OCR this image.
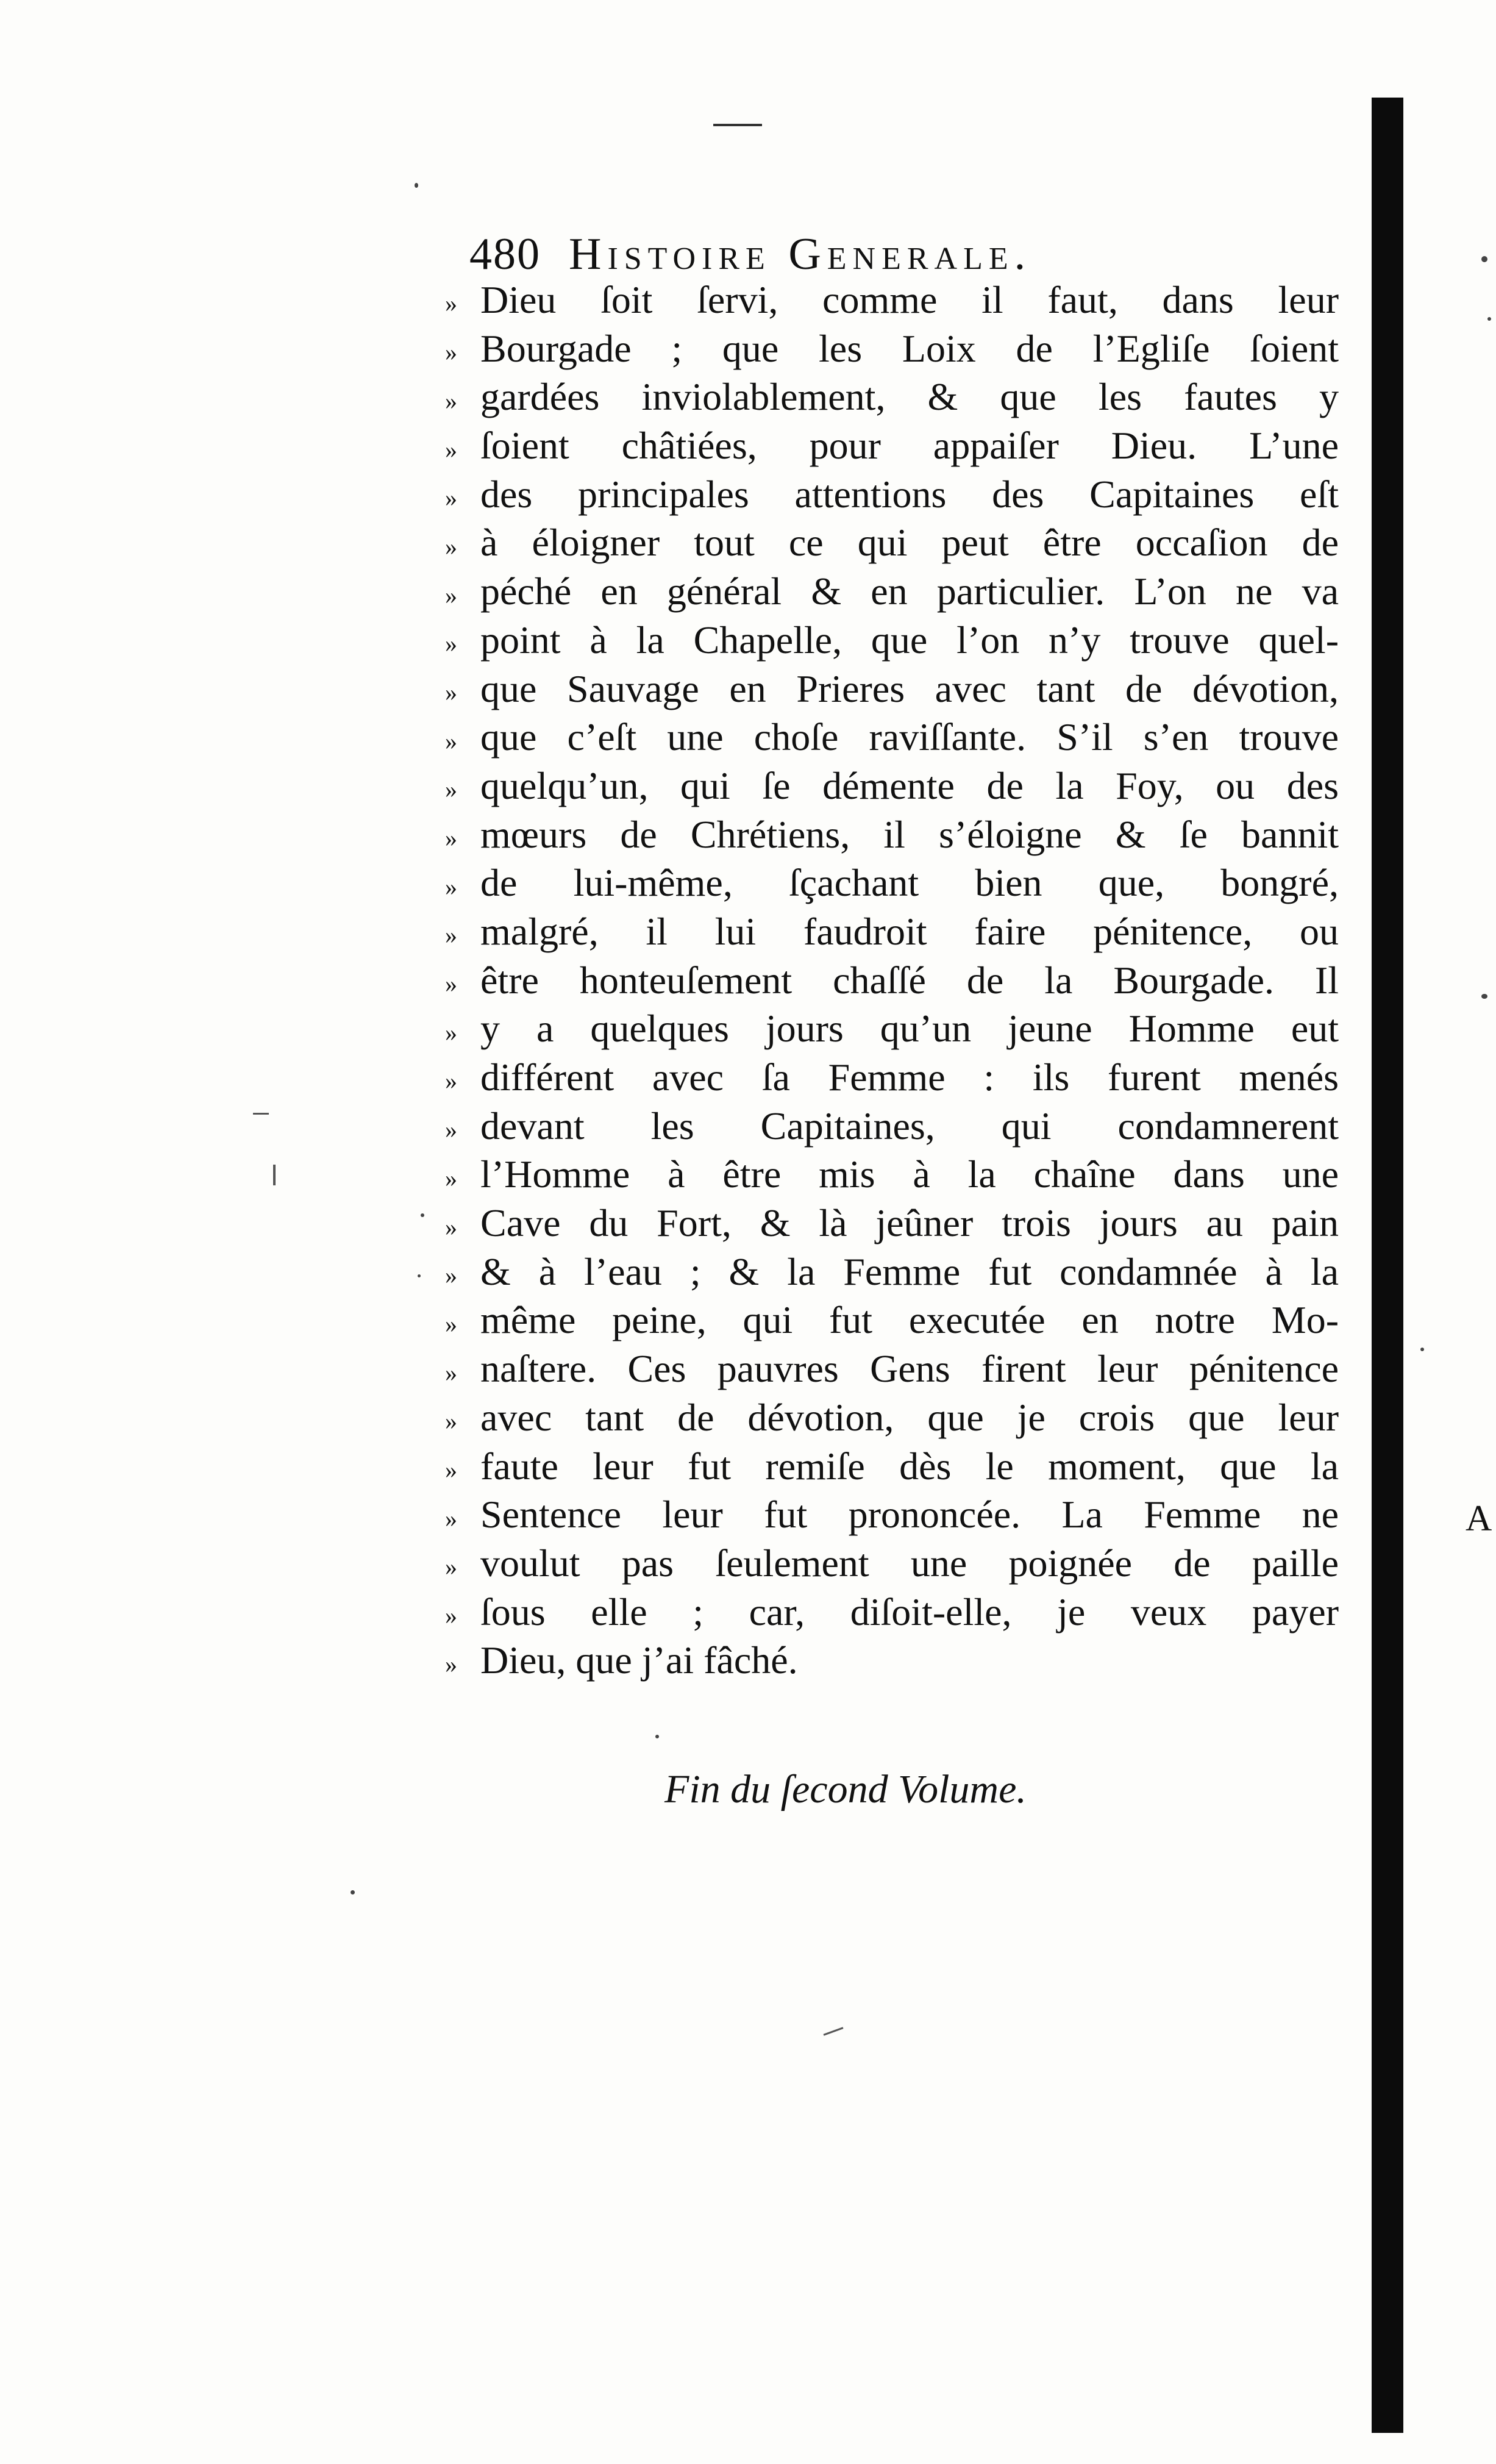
480 Histoire Generale.
» Dieu ſoit ſervi, comme il faut, dans leur
» Bourgade ; que les Loix de l’Egliſe ſoient
» gardées inviolablement, & que les fautes y
» ſoient châtiées, pour appaiſer Dieu. L’une
» des principales attentions des Capitaines eſt
» à éloigner tout ce qui peut être occaſion de
» péché en général & en particulier. L’on ne va
» point à la Chapelle, que l’on n’y trouve quel-
» que Sauvage en Prieres avec tant de dévotion,
» que c’eſt une choſe raviſſante. S’il s’en trouve
» quelqu’un, qui ſe démente de la Foy, ou des
» mœurs de Chrétiens, il s’éloigne & ſe bannit
» de lui-même, ſçachant bien que, bongré,
» malgré, il lui faudroit faire pénitence, ou
» être honteuſement chaſſé de la Bourgade. Il
» y a quelques jours qu’un jeune Homme eut
» différent avec ſa Femme : ils furent menés
» devant les Capitaines, qui condamnerent
» l’Homme à être mis à la chaîne dans une
» Cave du Fort, & là jeûner trois jours au pain
» & à l’eau ; & la Femme fut condamnée à la
» même peine, qui fut executée en notre Mo-
» naſtere. Ces pauvres Gens firent leur pénitence
» avec tant de dévotion, que je crois que leur
» faute leur fut remiſe dès le moment, que la
» Sentence leur fut prononcée. La Femme ne
» voulut pas ſeulement une poignée de paille
» ſous elle ; car, diſoit-elle, je veux payer
» Dieu, que j’ai fâché.
Fin du ſecond Volume.
A
